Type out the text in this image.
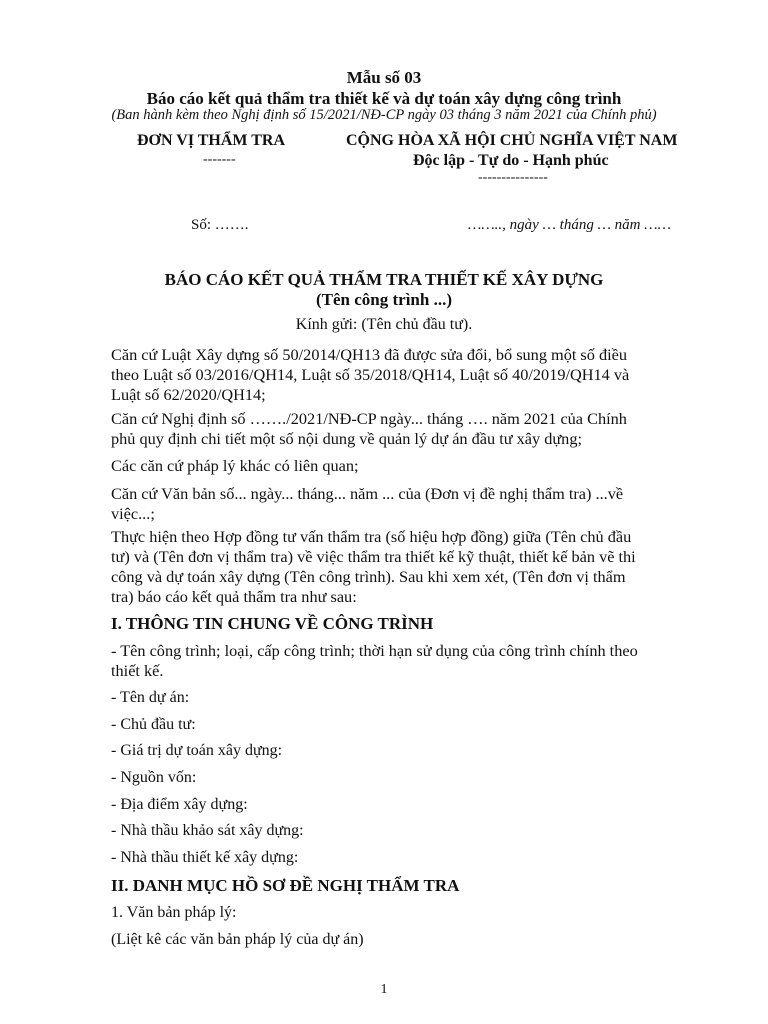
Mẫu số 03
Báo cáo kết quả thẩm tra thiết kế và dự toán xây dựng công trình
(Ban hành kèm theo Nghị định số 15/2021/NĐ-CP ngày 03 tháng 3 năm 2021 của Chính phủ)
ĐƠN VỊ THẨM TRA
-------
CỘNG HÒA XÃ HỘI CHỦ NGHĨA VIỆT NAM
Độc lập - Tự do - Hạnh phúc
---------------
Số: …….	…….., ngày … tháng … năm ……
BÁO CÁO KẾT QUẢ THẨM TRA THIẾT KẾ XÂY DỰNG
(Tên công trình ...)
Kính gửi: (Tên chủ đầu tư).
Căn cứ Luật Xây dựng số 50/2014/QH13 đã được sửa đổi, bổ sung một số điều
theo Luật số 03/2016/QH14, Luật số 35/2018/QH14, Luật số 40/2019/QH14 và
Luật số 62/2020/QH14;
Căn cứ Nghị định số ……./2021/NĐ-CP ngày... tháng …. năm 2021 của Chính
phủ quy định chi tiết một số nội dung về quản lý dự án đầu tư xây dựng;
Các căn cứ pháp lý khác có liên quan;
Căn cứ Văn bản số... ngày... tháng... năm ... của (Đơn vị đề nghị thẩm tra) ...về
việc...;
Thực hiện theo Hợp đồng tư vấn thẩm tra (số hiệu hợp đồng) giữa (Tên chủ đầu
tư) và (Tên đơn vị thẩm tra) về việc thẩm tra thiết kế kỹ thuật, thiết kế bản vẽ thi
công và dự toán xây dựng (Tên công trình). Sau khi xem xét, (Tên đơn vị thẩm
tra) báo cáo kết quả thẩm tra như sau:
I. THÔNG TIN CHUNG VỀ CÔNG TRÌNH
- Tên công trình; loại, cấp công trình; thời hạn sử dụng của công trình chính theo
thiết kế.
- Tên dự án:
- Chủ đầu tư:
- Giá trị dự toán xây dựng:
- Nguồn vốn:
- Địa điểm xây dựng:
- Nhà thầu khảo sát xây dựng:
- Nhà thầu thiết kế xây dựng:
II. DANH MỤC HỒ SƠ ĐỀ NGHỊ THẨM TRA
1. Văn bản pháp lý:
(Liệt kê các văn bản pháp lý của dự án)
1
